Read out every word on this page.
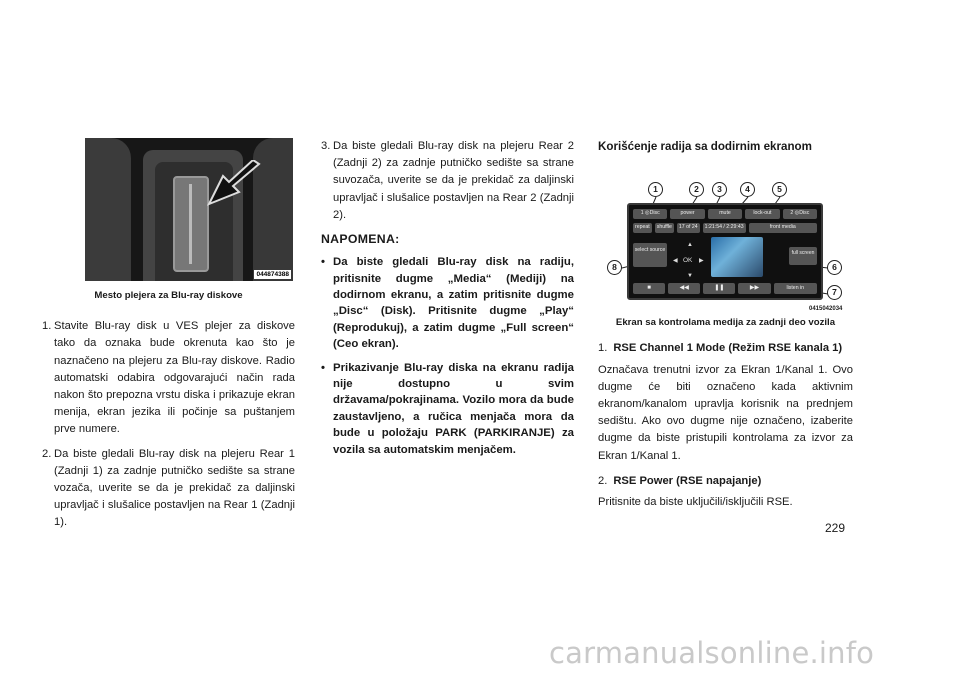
044874388
Mesto plejera za Blu-ray diskove
1. Stavite Blu-ray disk u VES plejer za diskove tako da oznaka bude okrenuta kao što je naznačeno na plejeru za Blu-ray diskove. Radio automatski odabira odgovarajući način rada nakon što prepozna vrstu diska i prikazuje ekran menija, ekran jezika ili počinje sa puštanjem prve numere.
2. Da biste gledali Blu-ray disk na plejeru Rear 1 (Zadnji 1) za zadnje putničko sedište sa strane vozača, uverite se da je prekidač za daljinski upravljač i slušalice postavljen na Rear 1 (Zadnji 1).
3. Da biste gledali Blu-ray disk na plejeru Rear 2 (Zadnji 2) za zadnje putničko sedište sa strane suvozača, uverite se da je prekidač za daljinski upravljač i slušalice postavljen na Rear 2 (Zadnji 2).
NAPOMENA:
• Da biste gledali Blu-ray disk na radiju, pritisnite dugme „Media“ (Mediji) na dodirnom ekranu, a zatim pritisnite dugme „Disc“ (Disk). Pritisnite dugme „Play“ (Reprodukuj), a zatim dugme „Full screen“ (Ceo ekran).
• Prikazivanje Blu-ray diska na ekranu radija nije dostupno u svim državama/pokrajinama. Vozilo mora da bude zaustavljeno, a ručica menjača mora da bude u položaju PARK (PARKIRANJE) za vozila sa automatskim menjačem.
Korišćenje radija sa dodirnim ekranom
1	2	3	4	5
6
7
8
1 ◎Disc	power	mute	lock-out	2 ◎Disc
repeat	shuffle	17 of 24	1:21:54 / 2:29:43	front media
select source
▲
◀ OK ▶
▼
full screen
■	◀◀	❚❚	▶▶	listen in
0415042034
Ekran sa kontrolama medija za zadnji deo vozila
1. RSE Channel 1 Mode (Režim RSE kanala 1)

Označava trenutni izvor za Ekran 1/Kanal 1. Ovo dugme će biti označeno kada aktivnim ekranom/kanalom upravlja korisnik na prednjem sedištu. Ako ovo dugme nije označeno, izaberite dugme da biste pristupili kontrolama za izvor za Ekran 1/Kanal 1.

2. RSE Power (RSE napajanje)

Pritisnite da biste uključili/isključili RSE.

229
carmanualsonline.info
